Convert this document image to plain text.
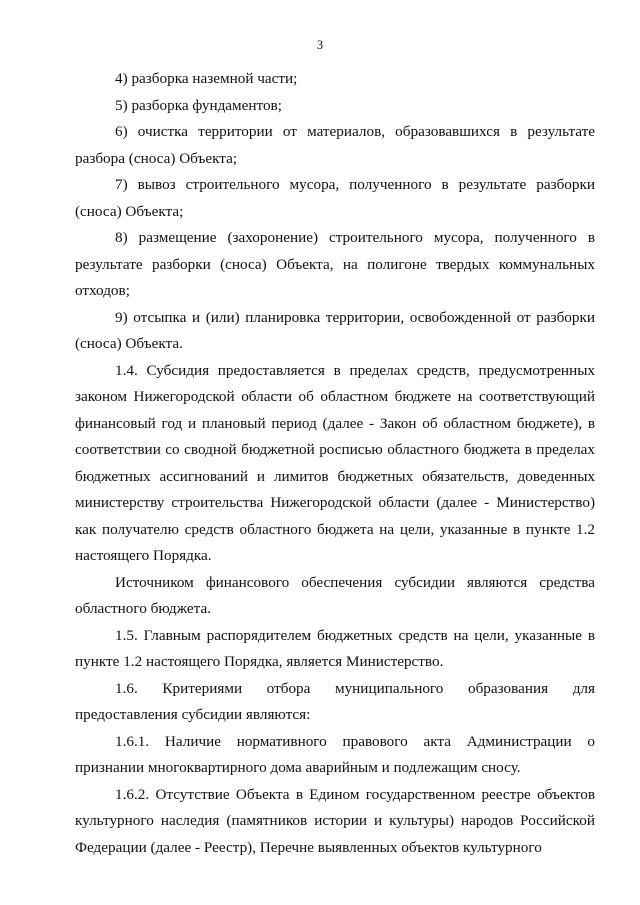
3

4) разборка наземной части;

5) разборка фундаментов;

6) очистка территории от материалов, образовавшихся в результате разбора (сноса) Объекта;

7) вывоз строительного мусора, полученного в результате разборки (сноса) Объекта;

8) размещение (захоронение) строительного мусора, полученного в результате разборки (сноса) Объекта, на полигоне твердых коммунальных отходов;

9) отсыпка и (или) планировка территории, освобожденной от разборки (сноса) Объекта.

1.4. Субсидия предоставляется в пределах средств, предусмотренных законом Нижегородской области об областном бюджете на соответствующий финансовый год и плановый период (далее - Закон об областном бюджете), в соответствии со сводной бюджетной росписью областного бюджета в пределах бюджетных ассигнований и лимитов бюджетных обязательств, доведенных министерству строительства Нижегородской области (далее - Министерство) как получателю средств областного бюджета на цели, указанные в пункте 1.2 настоящего Порядка.

Источником финансового обеспечения субсидии являются средства областного бюджета.

1.5. Главным распорядителем бюджетных средств на цели, указанные в пункте 1.2 настоящего Порядка, является Министерство.

1.6. Критериями отбора муниципального образования для предоставления субсидии являются:

1.6.1. Наличие нормативного правового акта Администрации о признании многоквартирного дома аварийным и подлежащим сносу.

1.6.2. Отсутствие Объекта в Едином государственном реестре объектов культурного наследия (памятников истории и культуры) народов Российской Федерации (далее - Реестр), Перечне выявленных объектов культурного
